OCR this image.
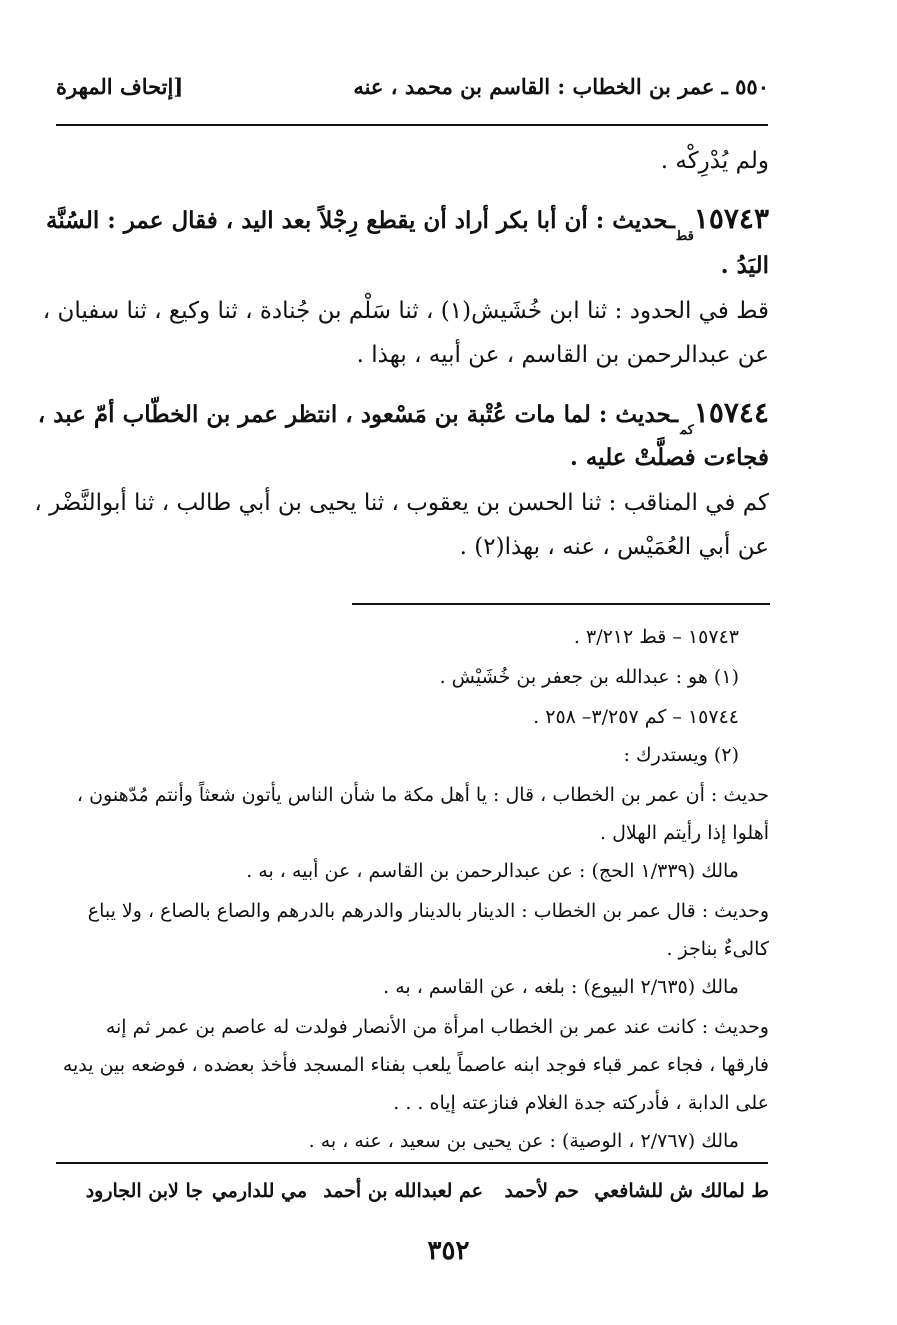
٥٥٠ ـ عمر بن الخطاب : القاسم بن محمد ، عنه
[إتحاف المهرة
ولم يُدْرِكْه .
$١٥٧٤٣_{قط}ـحديث$ : أن أبا بكر أراد أن يقطع رِجْلاً بعد اليد ، فقال عمر : السُنَّة
اليَدُ .
قط في الحدود : ثنا ابن خُشَيش(١) ، ثنا سَلْم بن جُنادة ، ثنا وكيع ، ثنا سفيان ،
عن عبدالرحمن بن القاسم ، عن أبيه ، بهذا .
$١٥٧٤٤_{كم}ـحديث$ : لما مات عُتْبة بن مَسْعود ، انتظر عمر بن الخطّاب أمّ عبد ،
فجاءت فصلَّتْ عليه .
كم في المناقب : ثنا الحسن بن يعقوب ، ثنا يحيى بن أبي طالب ، ثنا أبوالنَّضْر ،
عن أبي العُمَيْس ، عنه ، بهذا(٢) .
١٥٧٤٣ – قط ٣/٢١٢ .
(١) هو : عبدالله بن جعفر بن خُشَيْش .
١٥٧٤٤ – كم ٣/٢٥٧– ٢٥٨ .
(٢) ويستدرك :
حديث : أن عمر بن الخطاب ، قال : يا أهل مكة ما شأن الناس يأتون شعثاً وأنتم مُدّهنون ،
أهلوا إذا رأيتم الهلال .
مالك (١/٣٣٩ الحج) : عن عبدالرحمن بن القاسم ، عن أبيه ، به .
وحديث : قال عمر بن الخطاب : الدينار بالدينار والدرهم بالدرهم والصاع بالصاع ، ولا يباع
كالىءٌ بناجز .
مالك (٢/٦٣٥ البيوع) : بلغه ، عن القاسم ، به .
وحديث : كانت عند عمر بن الخطاب امرأة من الأنصار فولدت له عاصم بن عمر ثم إنه
فارقها ، فجاء عمر قباء فوجد ابنه عاصماً يلعب بفناء المسجد فأخذ بعضده ، فوضعه بين يديه
على الدابة ، فأدركته جدة الغلام فنازعته إياه . . .
مالك (٢/٧٦٧ ، الوصية) : عن يحيى بن سعيد ، عنه ، به .
ط لمالك
ش للشافعي
حم لأحمد
عم لعبدالله بن أحمد
مي للدارمي
جا لابن الجارود
٣٥٢
